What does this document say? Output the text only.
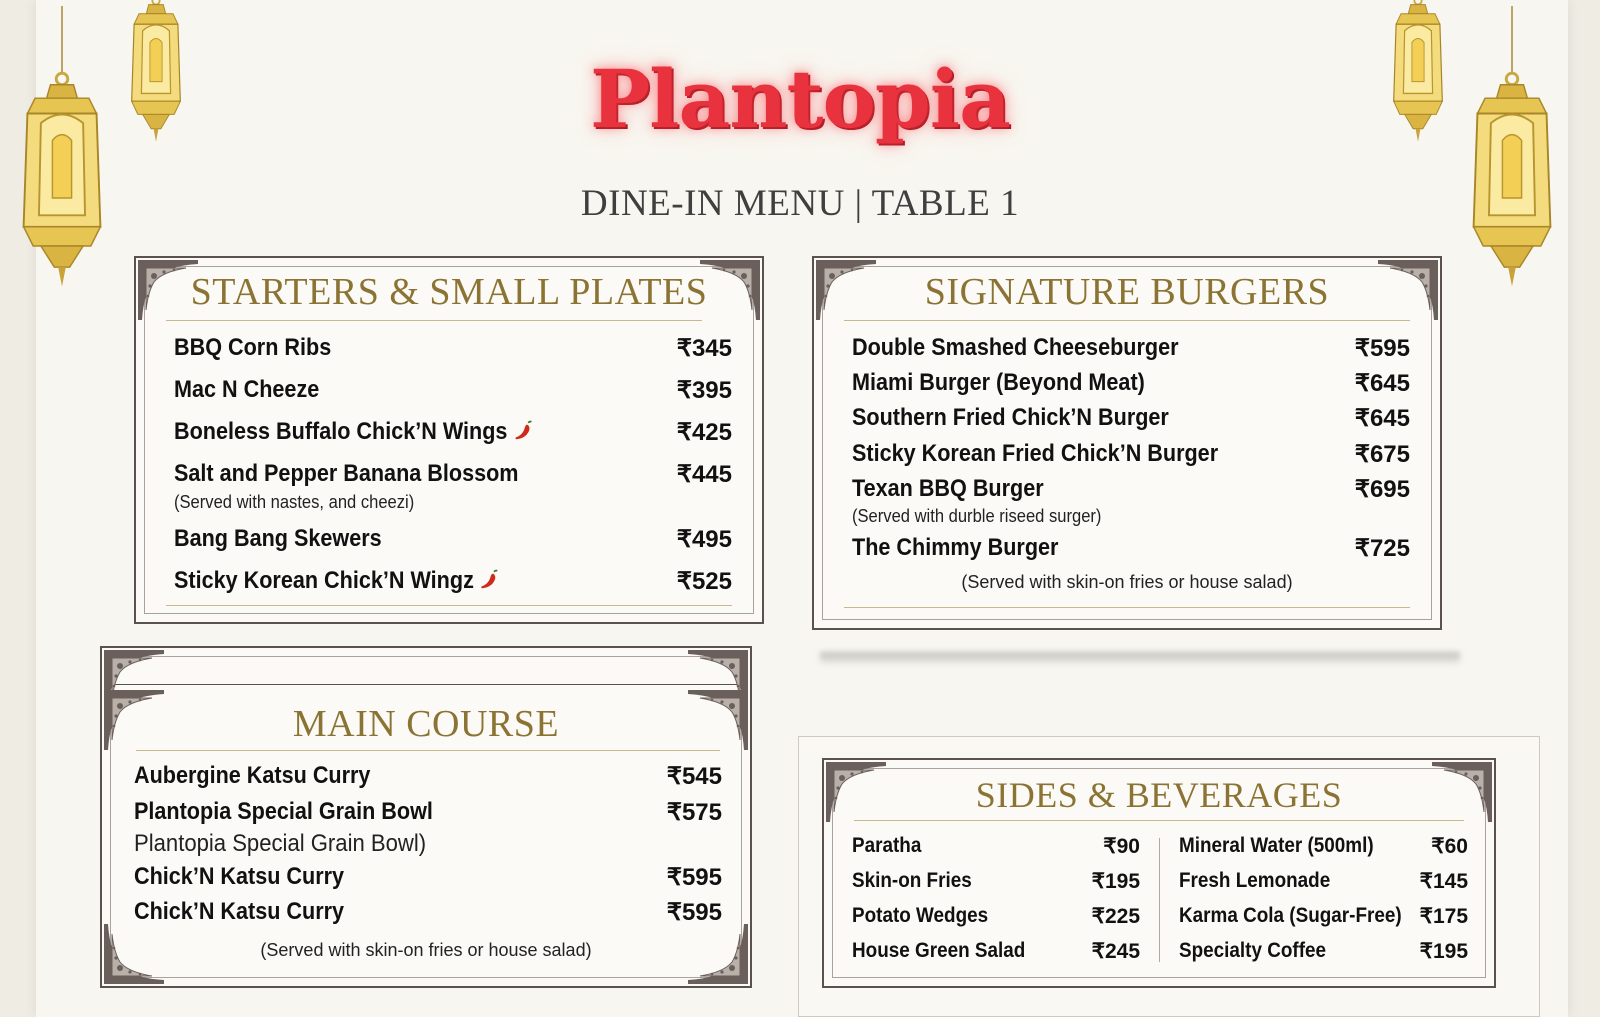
Plantopia
DINE-IN MENU | TABLE 1
STARTERS & SMALL PLATES
BBQ Corn Ribs	₹345
Mac N Cheeze	₹395
Boneless Buffalo Chick’N Wings	₹425
Salt and Pepper Banana Blossom	₹445
(Served with nastes, and cheezi)
Bang Bang Skewers	₹495
Sticky Korean Chick’N Wingz	₹525
SIGNATURE BURGERS
Double Smashed Cheeseburger	₹595
Miami Burger (Beyond Meat)	₹645
Southern Fried Chick’N Burger	₹645
Sticky Korean Fried Chick’N Burger	₹675
Texan BBQ Burger	₹695
(Served with durble riseed surger)
The Chimmy Burger	₹725
(Served with skin-on fries or house salad)
MAIN COURSE
Aubergine Katsu Curry	₹545
Plantopia Special Grain Bowl	₹575
Plantopia Special Grain Bowl)
Chick’N Katsu Curry	₹595
Chick’N Katsu Curry	₹595
(Served with skin-on fries or house salad)
SIDES & BEVERAGES
Paratha	₹90
Skin-on Fries	₹195
Potato Wedges	₹225
House Green Salad	₹245
Mineral Water (500ml)	₹60
Fresh Lemonade	₹145
Karma Cola (Sugar-Free) ₹175
Specialty Coffee	₹195
